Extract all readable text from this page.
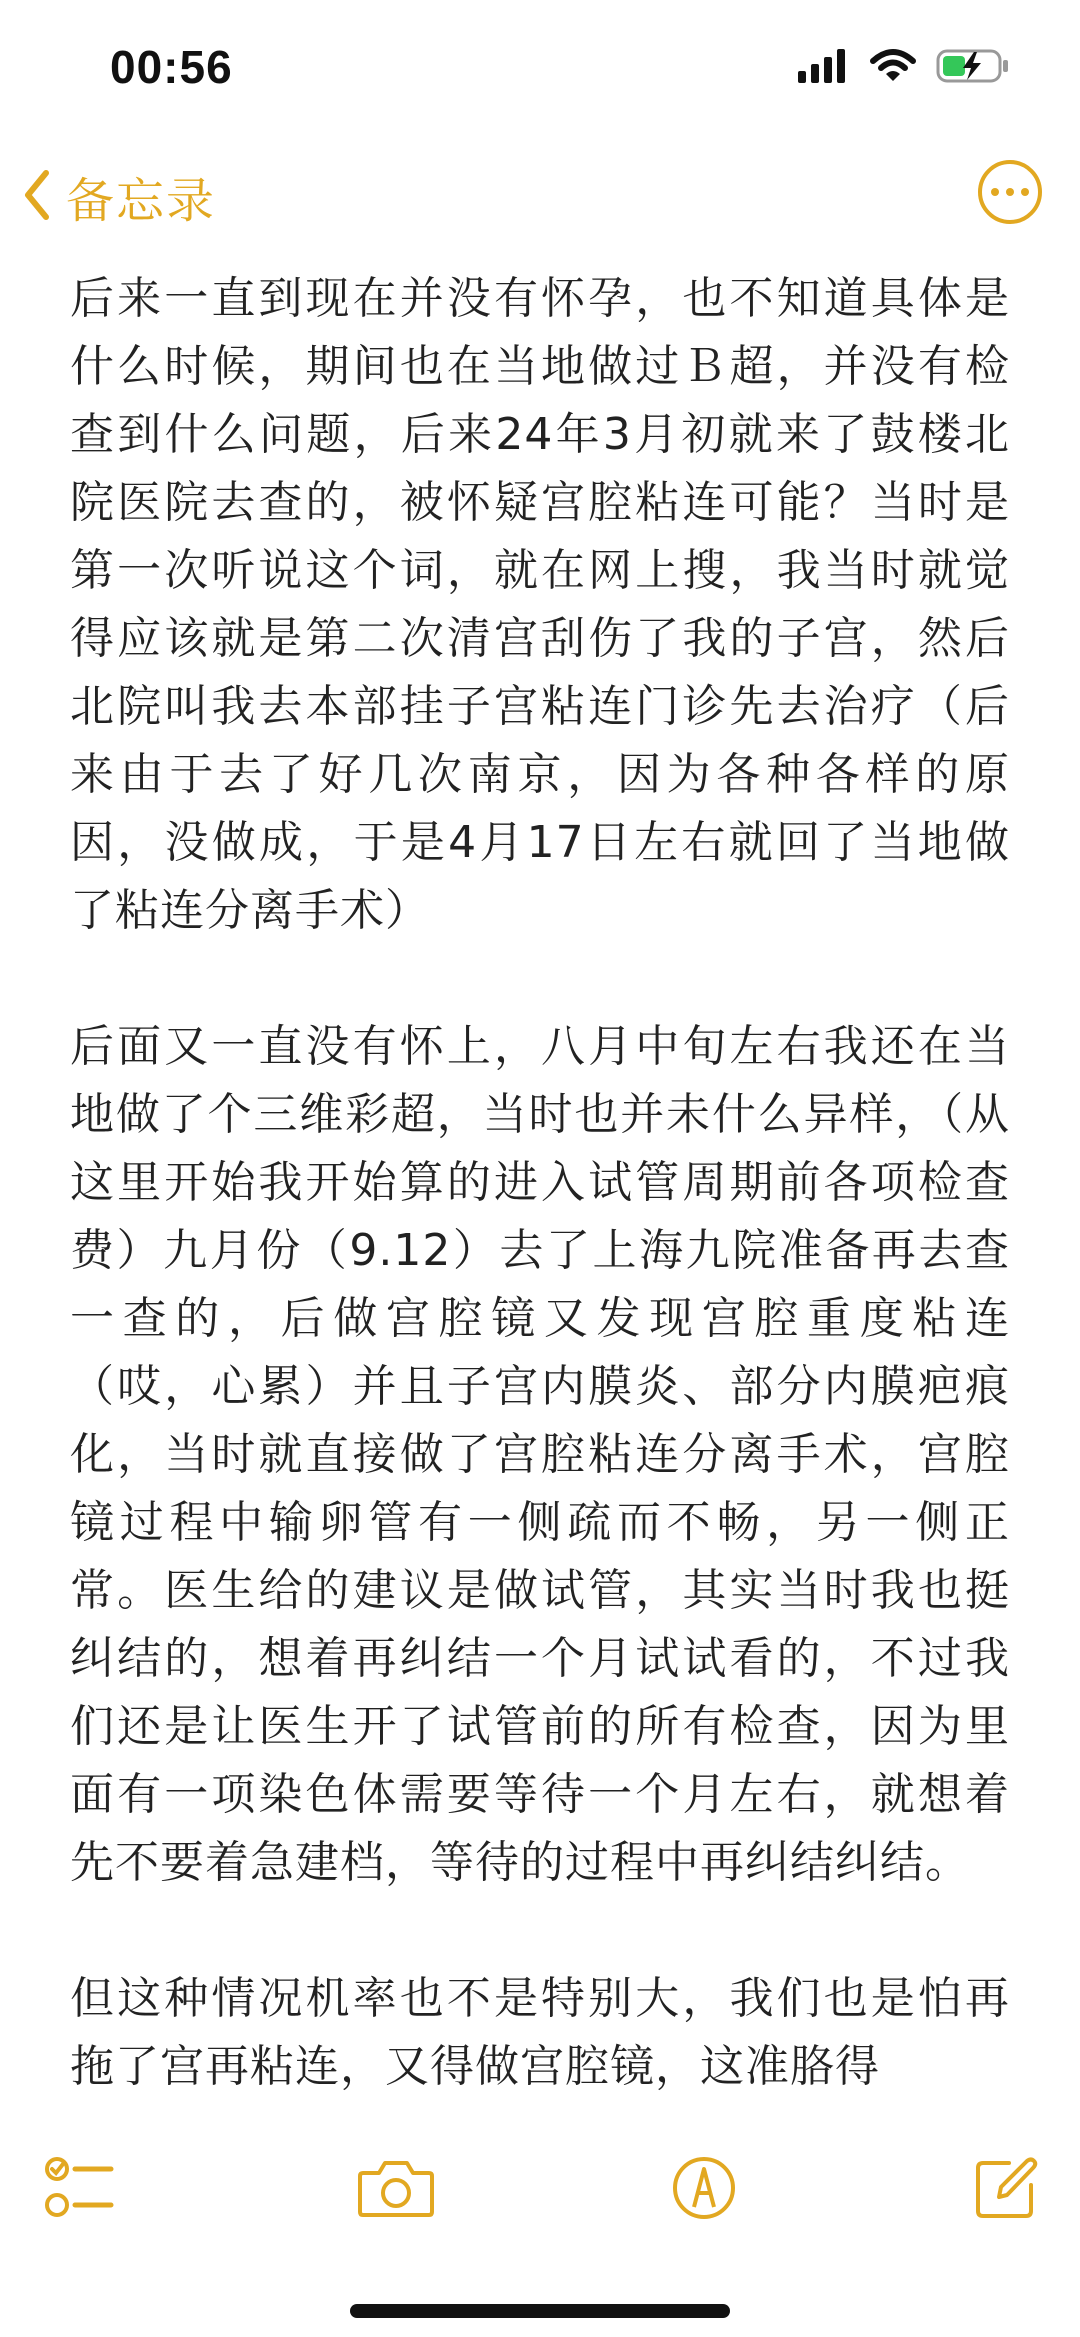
00:56
备忘录

后来一直到现在并没有怀孕，也不知道具体是什么时候，期间也在当地做过Ｂ超，并没有检查到什么问题，后来24年3月初就来了鼓楼北院医院去查的，被怀疑宫腔粘连可能？当时是第一次听说这个词，就在网上搜，我当时就觉得应该就是第二次清宫刮伤了我的子宫，然后北院叫我去本部挂子宫粘连门诊先去治疗（后来由于去了好几次南京，因为各种各样的原因，没做成，于是4月17日左右就回了当地做了粘连分离手术）

后面又一直没有怀上，八月中旬左右我还在当地做了个三维彩超，当时也并未什么异样，（从这里开始我开始算的进入试管周期前各项检查费）九月份（9.12）去了上海九院准备再去查一查的，后做宫腔镜又发现宫腔重度粘连（哎，心累）并且子宫内膜炎、部分内膜疤痕化，当时就直接做了宫腔粘连分离手术，宫腔镜过程中输卵管有一侧疏而不畅，另一侧正常。医生给的建议是做试管，其实当时我也挺纠结的，想着再纠结一个月试试看的，不过我们还是让医生开了试管前的所有检查，因为里面有一项染色体需要等待一个月左右，就想着先不要着急建档，等待的过程中再纠结纠结。

但这种情况机率也不是特别大，我们也是怕再拖了宫再粘连，又得做宫腔镜，这准胳得
